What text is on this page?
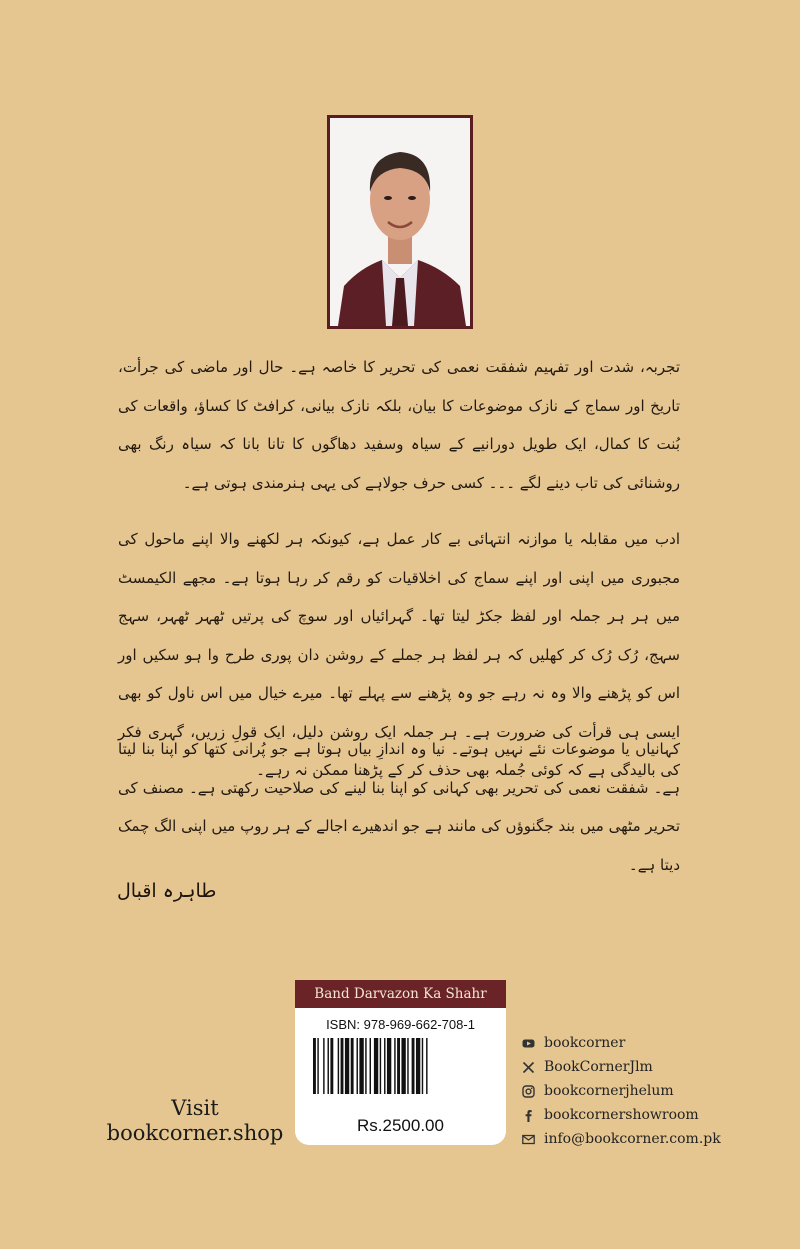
تجربہ، شدت اور تفہیم شفقت نعمی کی تحریر کا خاصہ ہے۔ حال اور ماضی کی جرأت، تاریخ اور سماج کے نازک موضوعات کا بیان، بلکہ نازک بیانی، کرافٹ کا کساؤ، واقعات کی بُنت کا کمال، ایک طویل دورانیے کے سیاہ وسفید دھاگوں کا تانا بانا کہ سیاہ رنگ بھی روشنائی کی تاب دینے لگے ۔۔۔ کسی حرف جولاہے کی یہی ہنرمندی ہوتی ہے۔

ادب میں مقابلہ یا موازنہ انتہائی بے کار عمل ہے، کیونکہ ہر لکھنے والا اپنے ماحول کی مجبوری میں اپنی اور اپنے سماج کی اخلاقیات کو رقم کر رہا ہوتا ہے۔ مجھے الکیمسٹ میں ہر ہر جملہ اور لفظ جکڑ لیتا تھا۔ گہرائیاں اور سوچ کی پرتیں ٹھہر ٹھہر، سہج سہج، رُک رُک کر کھلیں کہ ہر لفظ ہر جملے کے روشن دان پوری طرح وا ہو سکیں اور اس کو پڑھنے والا وہ نہ رہے جو وہ پڑھنے سے پہلے تھا۔ میرے خیال میں اس ناول کو بھی ایسی ہی قرأت کی ضرورت ہے۔ ہر جملہ ایک روشن دلیل، ایک قولِ زریں، گہری فکر کی بالیدگی ہے کہ کوئی جُملہ بھی حذف کر کے پڑھنا ممکن نہ رہے۔

کہانیاں یا موضوعات نئے نہیں ہوتے۔ نیا وہ اندازِ بیاں ہوتا ہے جو پُرانی کتھا کو اپنا بنا لیتا ہے۔ شفقت نعمی کی تحریر بھی کہانی کو اپنا بنا لینے کی صلاحیت رکھتی ہے۔ مصنف کی تحریر مٹھی میں بند جگنوؤں کی مانند ہے جو اندھیرے اجالے کے ہر روپ میں اپنی الگ چمک دیتا ہے۔

طاہرہ اقبال
Visit
bookcorner.shop
Band Darvazon Ka Shahr
ISBN: 978-969-662-708-1
Rs.2500.00
bookcorner
BookCornerJlm
bookcornerjhelum
bookcornershowroom
info@bookcorner.com.pk
